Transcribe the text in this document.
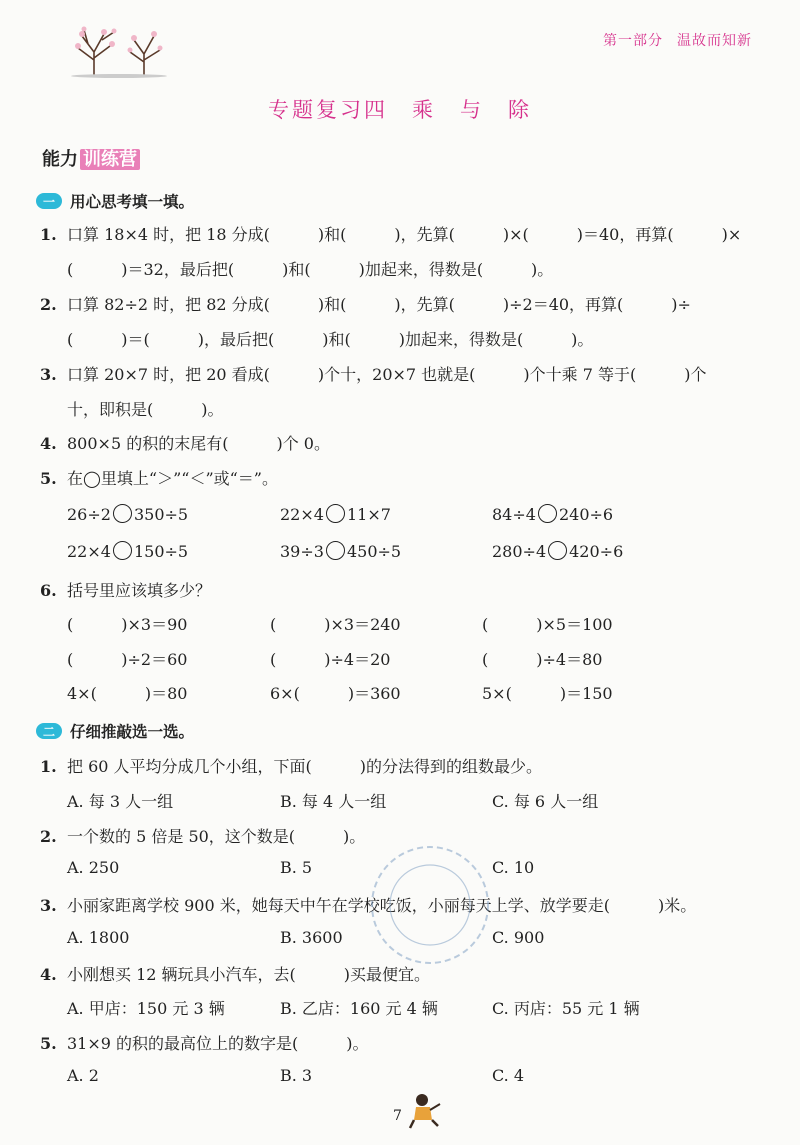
第一部分 温故而知新
专题复习四　乘　与　除
能力 训练营
一 用心思考填一填。
1. 口算 18×4 时，把 18 分成(　　　)和(　　　)，先算(　　　)×(　　　)＝40，再算(　　　)×
(　　　)＝32，最后把(　　　)和(　　　)加起来，得数是(　　　)。
2. 口算 82÷2 时，把 82 分成(　　　)和(　　　)，先算(　　　)÷2＝40，再算(　　　)÷
(　　　)＝(　　　)，最后把(　　　)和(　　　)加起来，得数是(　　　)。
3. 口算 20×7 时，把 20 看成(　　　)个十，20×7 也就是(　　　)个十乘 7 等于(　　　)个
十，即积是(　　　)。
4. 800×5 的积的末尾有(　　　)个 0。
5. 在◯里填上“＞”“＜”或“＝”。
26÷2 350÷5	22×4 11×7	84÷4 240÷6
22×4 150÷5	39÷3 450÷5	280÷4 420÷6
6. 括号里应该填多少？
(　　　)×3＝90	(　　　)×3＝240	(　　　)×5＝100
(　　　)÷2＝60	(　　　)÷4＝20	(　　　)÷4＝80
4×(　　　)＝80	6×(　　　)＝360	5×(　　　)＝150
二 仔细推敲选一选。
1. 把 60 人平均分成几个小组，下面(　　　)的分法得到的组数最少。
A. 每 3 人一组	B. 每 4 人一组	C. 每 6 人一组
2. 一个数的 5 倍是 50，这个数是(　　　)。
A. 250	B. 5	C. 10
3. 小丽家距离学校 900 米，她每天中午在学校吃饭，小丽每天上学、放学要走(　　　)米。
A. 1800	B. 3600	C. 900
4. 小刚想买 12 辆玩具小汽车，去(　　　)买最便宜。
A. 甲店：150 元 3 辆	B. 乙店：160 元 4 辆	C. 丙店：55 元 1 辆
5. 31×9 的积的最高位上的数字是(　　　)。
A. 2	B. 3	C. 4
7
